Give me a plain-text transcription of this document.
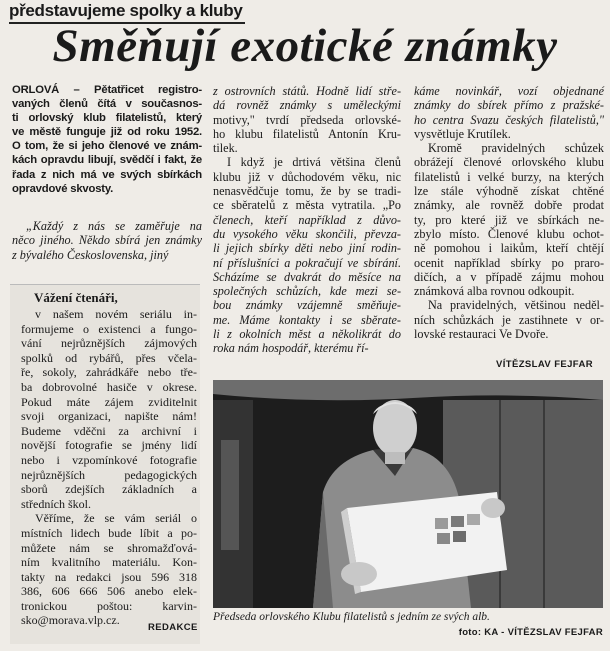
představujeme spolky a kluby
Směňují exotické známky
ORLOVÁ – Pětatřicet registro-
vaných členů čítá v současnos-
ti orlovský klub filatelistů, který
ve městě funguje již od roku 1952.
O tom, že si jeho členové ve znám-
kách opravdu libují, svědčí i fakt, že
řada z nich má ve svých sbírkách
opravdové skvosty.
„Každý z nás se zaměřuje na
něco jiného. Někdo sbírá jen známky
z bývalého Československa, jiný
Vážení čtenáři,
v našem novém seriálu in-
formujeme o existenci a fungo-
vání nejrůznějších zájmových
spolků od rybářů, přes včela-
ře, sokoly, zahrádkáře nebo tře-
ba dobrovolné hasiče v okrese.
Pokud máte zájem zviditelnit
svoji organizaci, napište nám!
Budeme vděčni za archivní i
novější fotografie se jmény lidí
nebo i vzpomínkové fotografie
nejrůznějších pedagogických
sborů zdejších základních a
středních škol.
Věříme, že se vám seriál o
místních lidech bude líbit a po-
můžete nám se shromažďová-
ním kvalitního materiálu. Kon-
takty na redakci jsou 596 318
386, 606 666 506 anebo elek-
tronickou poštou: karvin-
sko@morava.vlp.cz.
REDAKCE
z ostrovních států. Hodně lidí stře-
dá rovněž známky s uměleckými
motivy," tvrdí předseda orlovské-
ho klubu filatelistů Antonín Kru-
tilek.
I když je drtivá většina členů
klubu již v důchodovém věku, nic
nenasvědčuje tomu, že by se tradi-
ce sběratelů z města vytratila. „Po
členech, kteří například z důvo-
du vysokého věku skončili, převza-
li jejich sbírky děti nebo jiní rodin-
ní příslušníci a pokračují ve sbírání.
Scházíme se dvakrát do měsíce na
společných schůzích, kde mezi se-
bou známky vzájemně směňuje-
me. Máme kontakty i se sběrate-
li z okolních měst a několikrát do
roka nám hospodář, kterému ří-
káme novinkář, vozí objednané
známky do sbírek přímo z pražské-
ho centra Svazu českých filatelistů,"
vysvětluje Krutílek.
Kromě pravidelných schůzek
obrážejí členové orlovského klubu
filatelistů i velké burzy, na kterých
lze stále výhodně získat chtěné
známky, ale rovněž dobře prodat
ty, pro které již ve sbírkách ne-
zbylo místo. Členové klubu ochot-
ně pomohou i laikům, kteří chtějí
ocenit například sbírky po praro-
dičích, a v případě zájmu mohou
známková alba rovnou odkoupit.
Na pravidelných, většinou neděl-
ních schůzkách je zastihnete v or-
lovské restauraci Ve Dvoře.
VÍTĚZSLAV FEJFAR
Předseda orlovského Klubu filatelistů s jedním ze svých alb.
foto: KA - VÍTĚZSLAV FEJFAR
